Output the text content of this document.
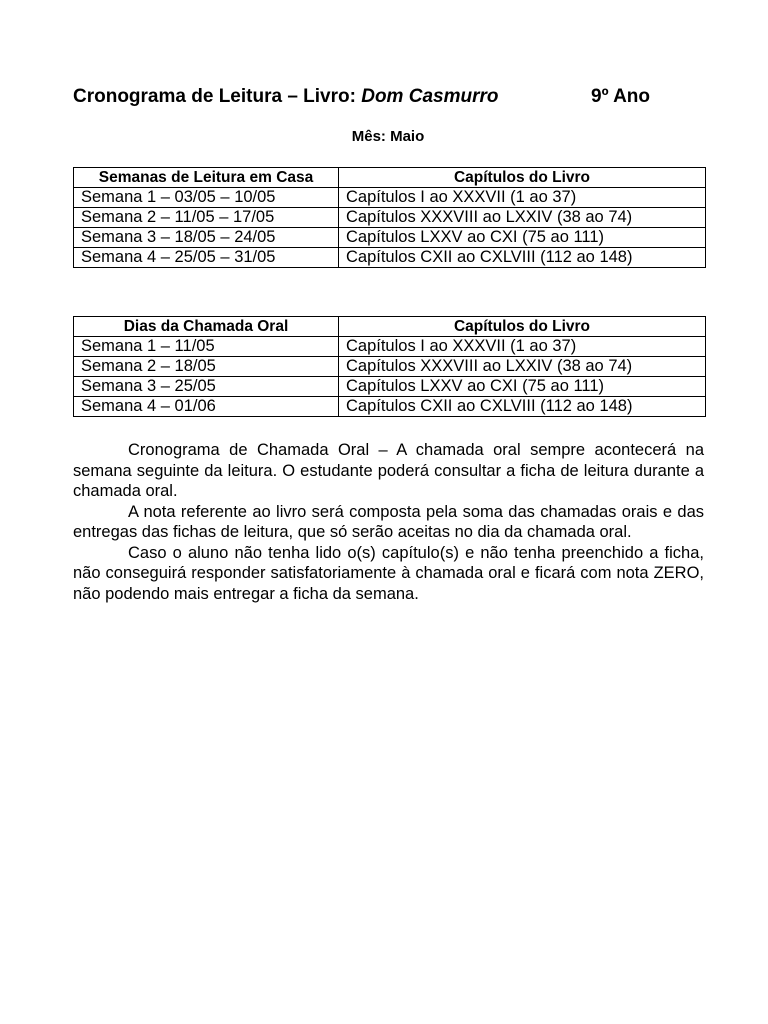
Cronograma de Leitura – Livro: Dom Casmurro	9º Ano
Mês: Maio
Semanas de Leitura em Casa	Capítulos do Livro
Semana 1 – 03/05 – 10/05	Capítulos I ao XXXVII (1 ao 37)
Semana 2 – 11/05 – 17/05	Capítulos XXXVIII ao LXXIV (38 ao 74)
Semana 3 – 18/05 – 24/05	Capítulos LXXV ao CXI (75 ao 111)
Semana 4 – 25/05 – 31/05	Capítulos CXII ao CXLVIII (112 ao 148)
Dias da Chamada Oral	Capítulos do Livro
Semana 1 – 11/05	Capítulos I ao XXXVII (1 ao 37)
Semana 2 – 18/05	Capítulos XXXVIII ao LXXIV (38 ao 74)
Semana 3 – 25/05	Capítulos LXXV ao CXI (75 ao 111)
Semana 4 – 01/06	Capítulos CXII ao CXLVIII (112 ao 148)

Cronograma de Chamada Oral – A chamada oral sempre acontecerá na semana seguinte da leitura. O estudante poderá consultar a ficha de leitura durante a chamada oral.

A nota referente ao livro será composta pela soma das chamadas orais e das entregas das fichas de leitura, que só serão aceitas no dia da chamada oral.

Caso o aluno não tenha lido o(s) capítulo(s) e não tenha preenchido a ficha, não conseguirá responder satisfatoriamente à chamada oral e ficará com nota ZERO, não podendo mais entregar a ficha da semana.
